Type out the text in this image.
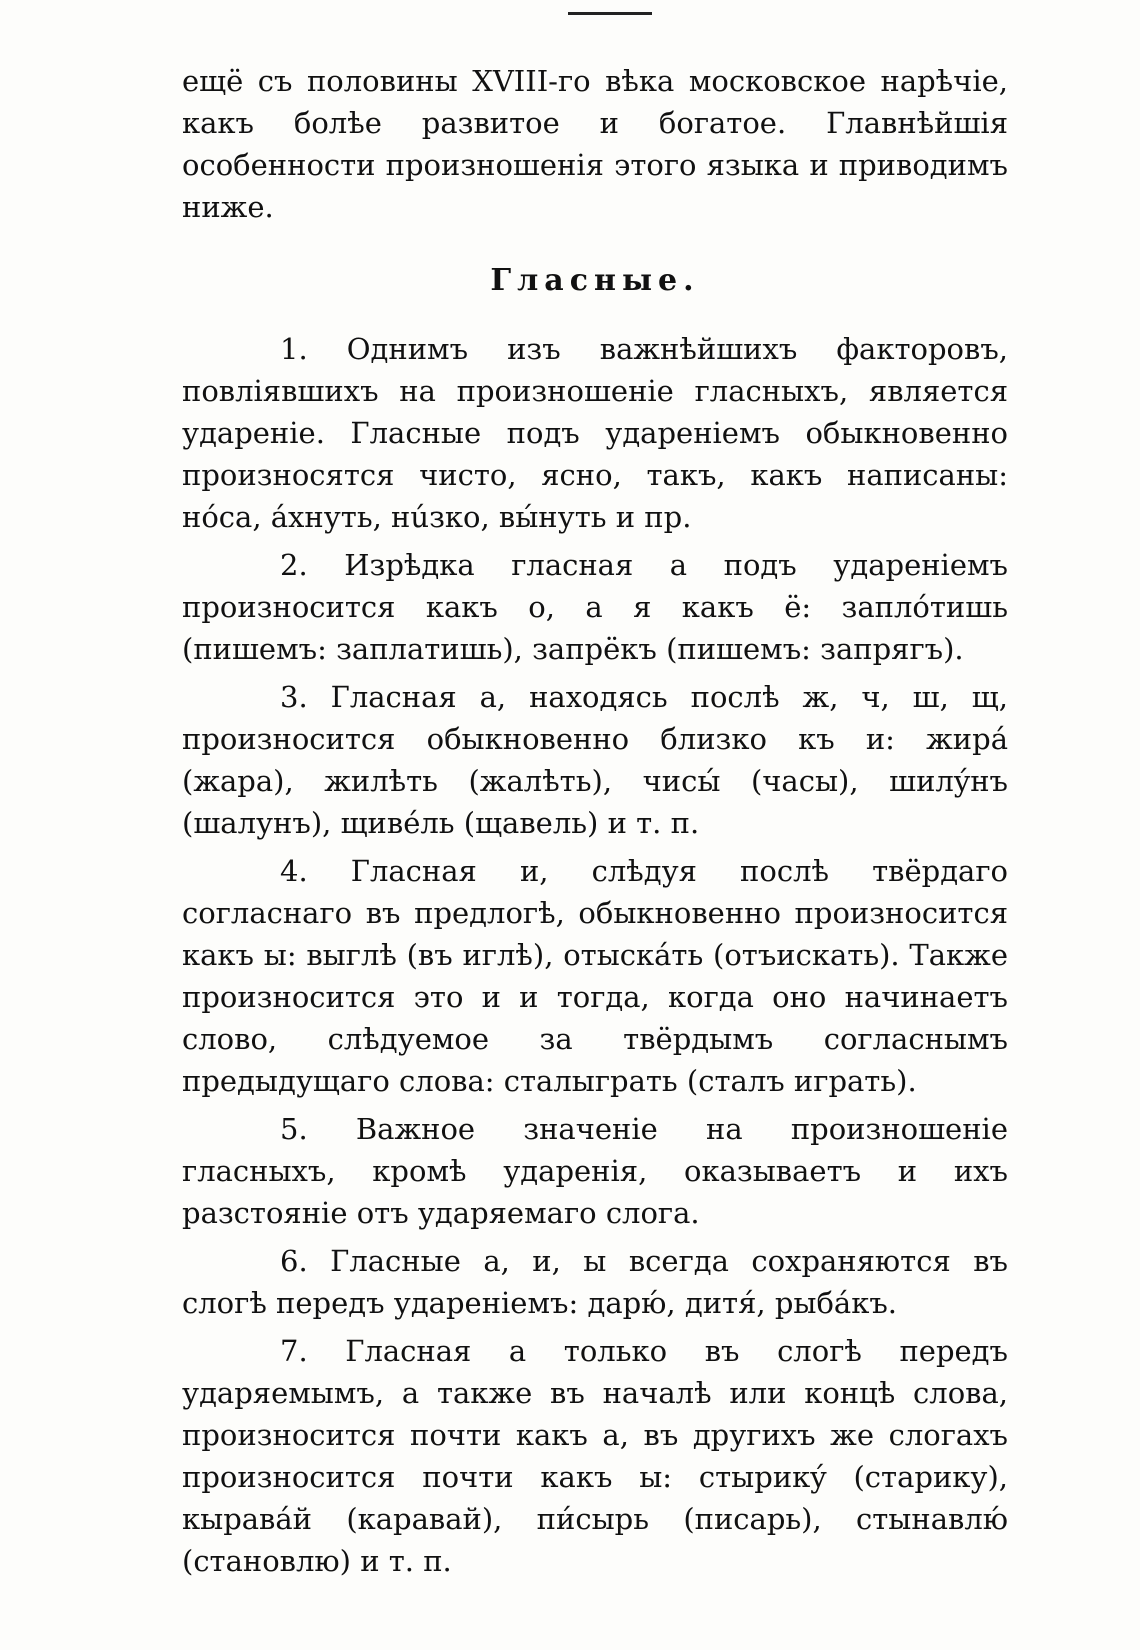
ещё съ половины XVIII-го вѣка московское нарѣчіе, какъ болѣе развитое и богатое. Главнѣйшія особенности произношенія этого языка и приводимъ ниже.

Гласные.

1. Однимъ изъ важнѣйшихъ факторовъ, повліявшихъ на произношеніе гласныхъ, является ударенiе. Гласные подъ удареніемъ обыкновенно произносятся чисто, ясно, такъ, какъ написаны: нóса, áхнуть, нúзко, вы́нуть и пр.

2. Изрѣдка гласная а подъ удареніемъ произносится какъ о, а я какъ ё: заплóтишь (пишемъ: заплатишь), запрёкъ (пишемъ: запрягъ).

3. Гласная а, находясь послѣ ж, ч, ш, щ, произносится обыкновенно близко къ и: жирá (жара), жилѣть (жалѣть), чисы́ (часы), шилýнъ (шалунъ), щивéль (щавель) и т. п.

4. Гласная и, слѣдуя послѣ твёрдаго согласнаго въ предлогѣ, обыкновенно произносится какъ ы: выглѣ (въ иглѣ), отыскáть (отъискать). Также произносится это и и тогда, когда оно начинаетъ слово, слѣдуемое за твёрдымъ согласнымъ предыдущаго слова: сталыграть (сталъ играть).

5. Важное значеніе на произношеніе гласныхъ, кромѣ ударенія, оказываетъ и ихъ разстояніе отъ ударяемаго слога.

6. Гласные а, и, ы всегда сохраняются въ слогѣ передъ удареніемъ: дарю́, дитя́, рыбáкъ.

7. Гласная а только въ слогѣ передъ ударяемымъ, а также въ началѣ или концѣ слова, произносится почти какъ а, въ другихъ же слогахъ произносится почти какъ ы: стырикý (старику), кыравáй (каравай), пи́сырь (писарь), стынавлю́ (становлю) и т. п.
